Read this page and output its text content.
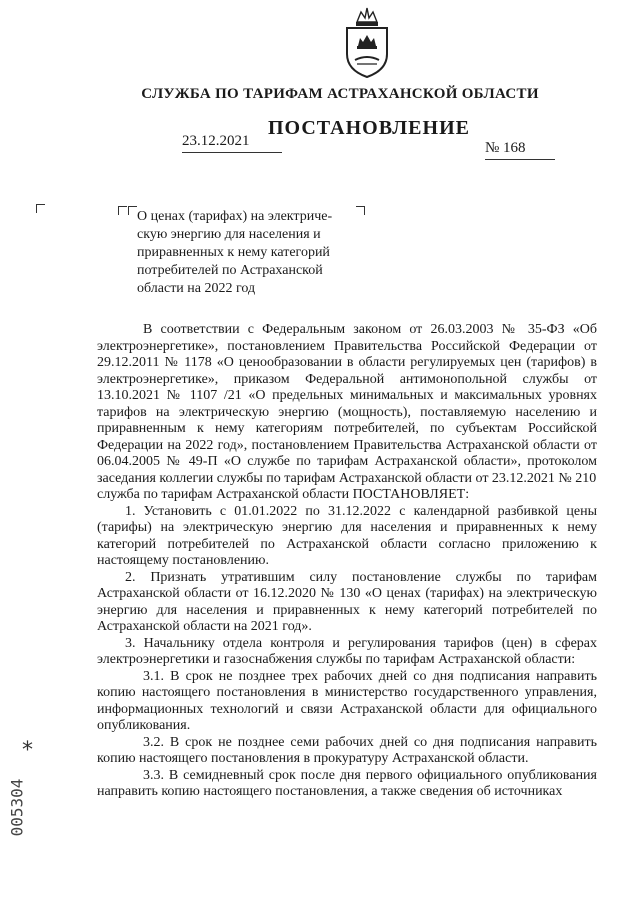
СЛУЖБА ПО ТАРИФАМ АСТРАХАНСКОЙ ОБЛАСТИ
ПОСТАНОВЛЕНИЕ
23.12.2021	№ 168

О ценах (тарифах) на электриче-

скую энергию для населения и

приравненных к нему категорий

потребителей по Астраханской

области на 2022 год

В соответствии с Федеральным законом от 26.03.2003 № 35-ФЗ «Об электроэнергетике», постановлением Правительства Российской Федерации от 29.12.2011 № 1178 «О ценообразовании в области регулируемых цен (тарифов) в электроэнергетике», приказом Федеральной антимонопольной службы от 13.10.2021 № 1107 /21 «О предельных минимальных и максимальных уровнях тарифов на электрическую энергию (мощность), поставляемую населению и приравненным к нему категориям потребителей, по субъектам Российской Федерации на 2022 год», постановлением Правительства Астраханской области от 06.04.2005 № 49-П «О службе по тарифам Астраханской области», протоколом заседания коллегии службы по тарифам Астраханской области от 23.12.2021 № 210

служба по тарифам Астраханской области ПОСТАНОВЛЯЕТ:

1. Установить с 01.01.2022 по 31.12.2022 с календарной разбивкой цены (тарифы) на электрическую энергию для населения и приравненных к нему категорий потребителей по Астраханской области согласно приложению к настоящему постановлению.

2. Признать утратившим силу постановление службы по тарифам Астраханской области от 16.12.2020 № 130 «О ценах (тарифах) на электрическую энергию для населения и приравненных к нему категорий потребителей по Астраханской области на 2021 год».

3. Начальнику отдела контроля и регулирования тарифов (цен) в сферах электроэнергетики и газоснабжения службы по тарифам Астраханской области:

3.1. В срок не позднее трех рабочих дней со дня подписания направить копию настоящего постановления в министерство государственного управления, информационных технологий и связи Астраханской области для официального опубликования.

3.2. В срок не позднее семи рабочих дней со дня подписания направить копию настоящего постановления в прокуратуру Астраханской области.

3.3. В семидневный срок после дня первого официального опубликования направить копию настоящего постановления, а также сведения об источниках

*
005304
